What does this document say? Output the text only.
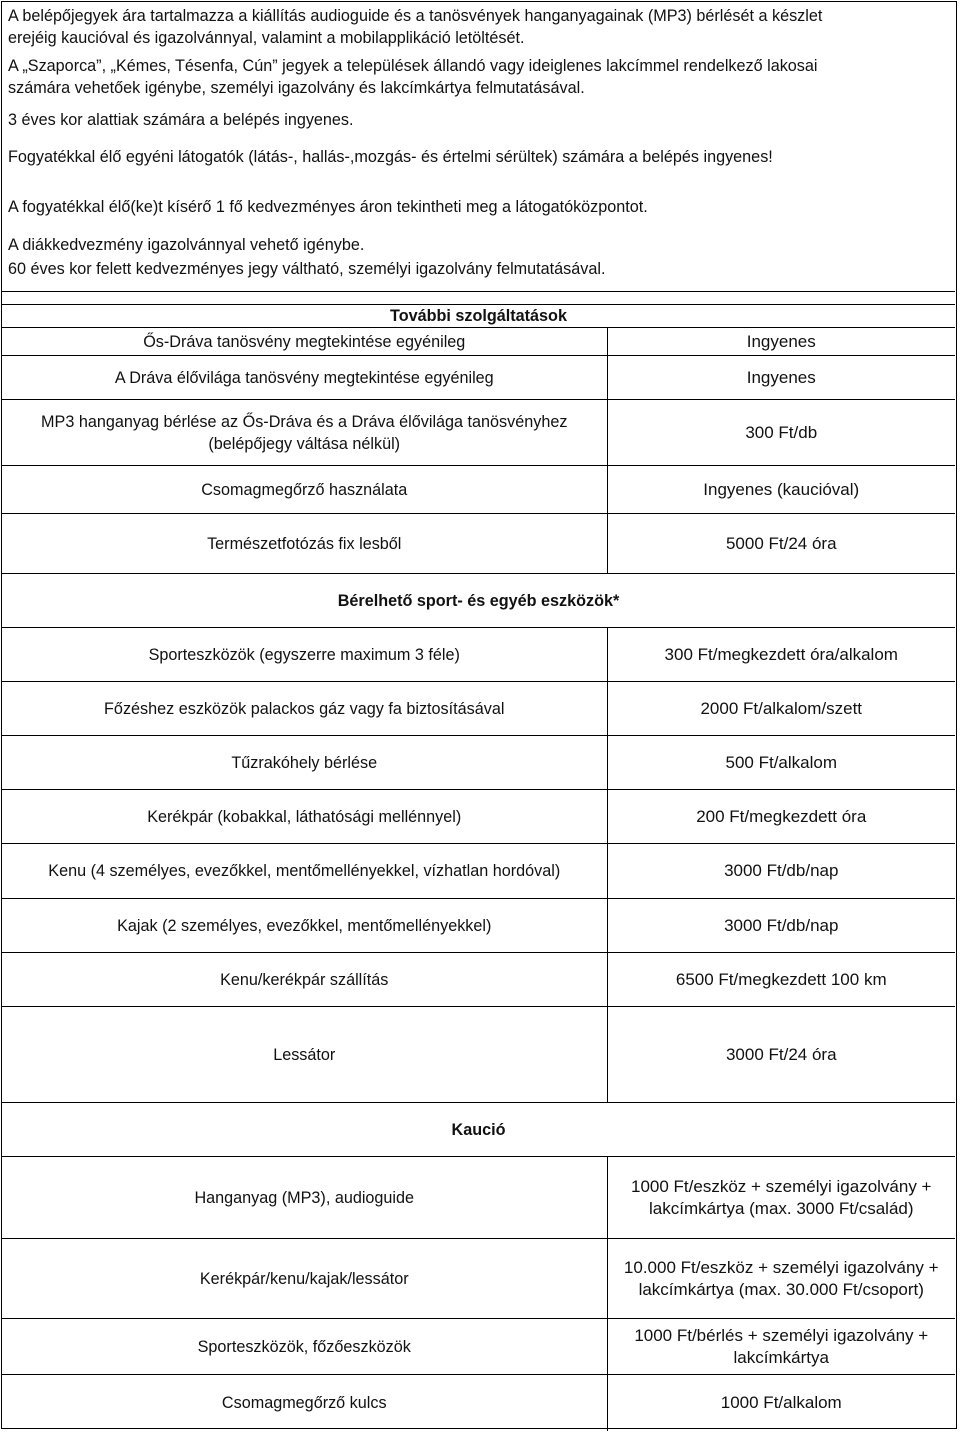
A belépőjegyek ára tartalmazza a kiállítás audioguide és a tanösvények hanganyagainak (MP3) bérlését a készlet

erejéig kaucióval és igazolvánnyal, valamint a mobilapplikáció letöltését.

A „Szaporca”, „Kémes, Tésenfa, Cún” jegyek a települések állandó vagy ideiglenes lakcímmel rendelkező lakosai

számára vehetőek igénybe, személyi igazolvány és lakcímkártya felmutatásával.

3 éves kor alattiak számára a belépés ingyenes.

Fogyatékkal élő egyéni látogatók (látás-, hallás-,mozgás- és értelmi sérültek) számára a belépés ingyenes!

A fogyatékkal élő(ke)t kísérő 1 fő kedvezményes áron tekintheti meg a látogatóközpontot.

A diákkedvezmény igazolvánnyal vehető igénybe.

60 éves kor felett kedvezményes jegy váltható, személyi igazolvány felmutatásával.

További szolgáltatások	
Ős-Dráva tanösvény megtekintése egyénileg	Ingyenes
A Dráva élővilága tanösvény megtekintése egyénileg	Ingyenes
MP3 hanganyag bérlése az Ős-Dráva és a Dráva élővilága tanösvényhez (belépőjegy váltása nélkül)	300 Ft/db
Csomagmegőrző használata	Ingyenes (kaucióval)
Természetfotózás fix lesből	5000 Ft/24 óra
Bérelhető sport- és egyéb eszközök*	
Sporteszközök (egyszerre maximum 3 féle)	300 Ft/megkezdett óra/alkalom
Főzéshez eszközök palackos gáz vagy fa biztosításával	2000 Ft/alkalom/szett
Tűzrakóhely bérlése	500 Ft/alkalom
Kerékpár (kobakkal, láthatósági mellénnyel)	200 Ft/megkezdett óra
Kenu (4 személyes, evezőkkel, mentőmellényekkel, vízhatlan hordóval)	3000 Ft/db/nap
Kajak (2 személyes, evezőkkel, mentőmellényekkel)	3000 Ft/db/nap
Kenu/kerékpár szállítás	6500 Ft/megkezdett 100 km
Lessátor	3000 Ft/24 óra
Kaució	
Hanganyag (MP3), audioguide	1000 Ft/eszköz + személyi igazolvány + lakcímkártya (max. 3000 Ft/család)
Kerékpár/kenu/kajak/lessátor	10.000 Ft/eszköz + személyi igazolvány + lakcímkártya (max. 30.000 Ft/csoport)
Sporteszközök, főzőeszközök	1000 Ft/bérlés + személyi igazolvány + lakcímkártya
Csomagmegőrző kulcs	1000 Ft/alkalom
